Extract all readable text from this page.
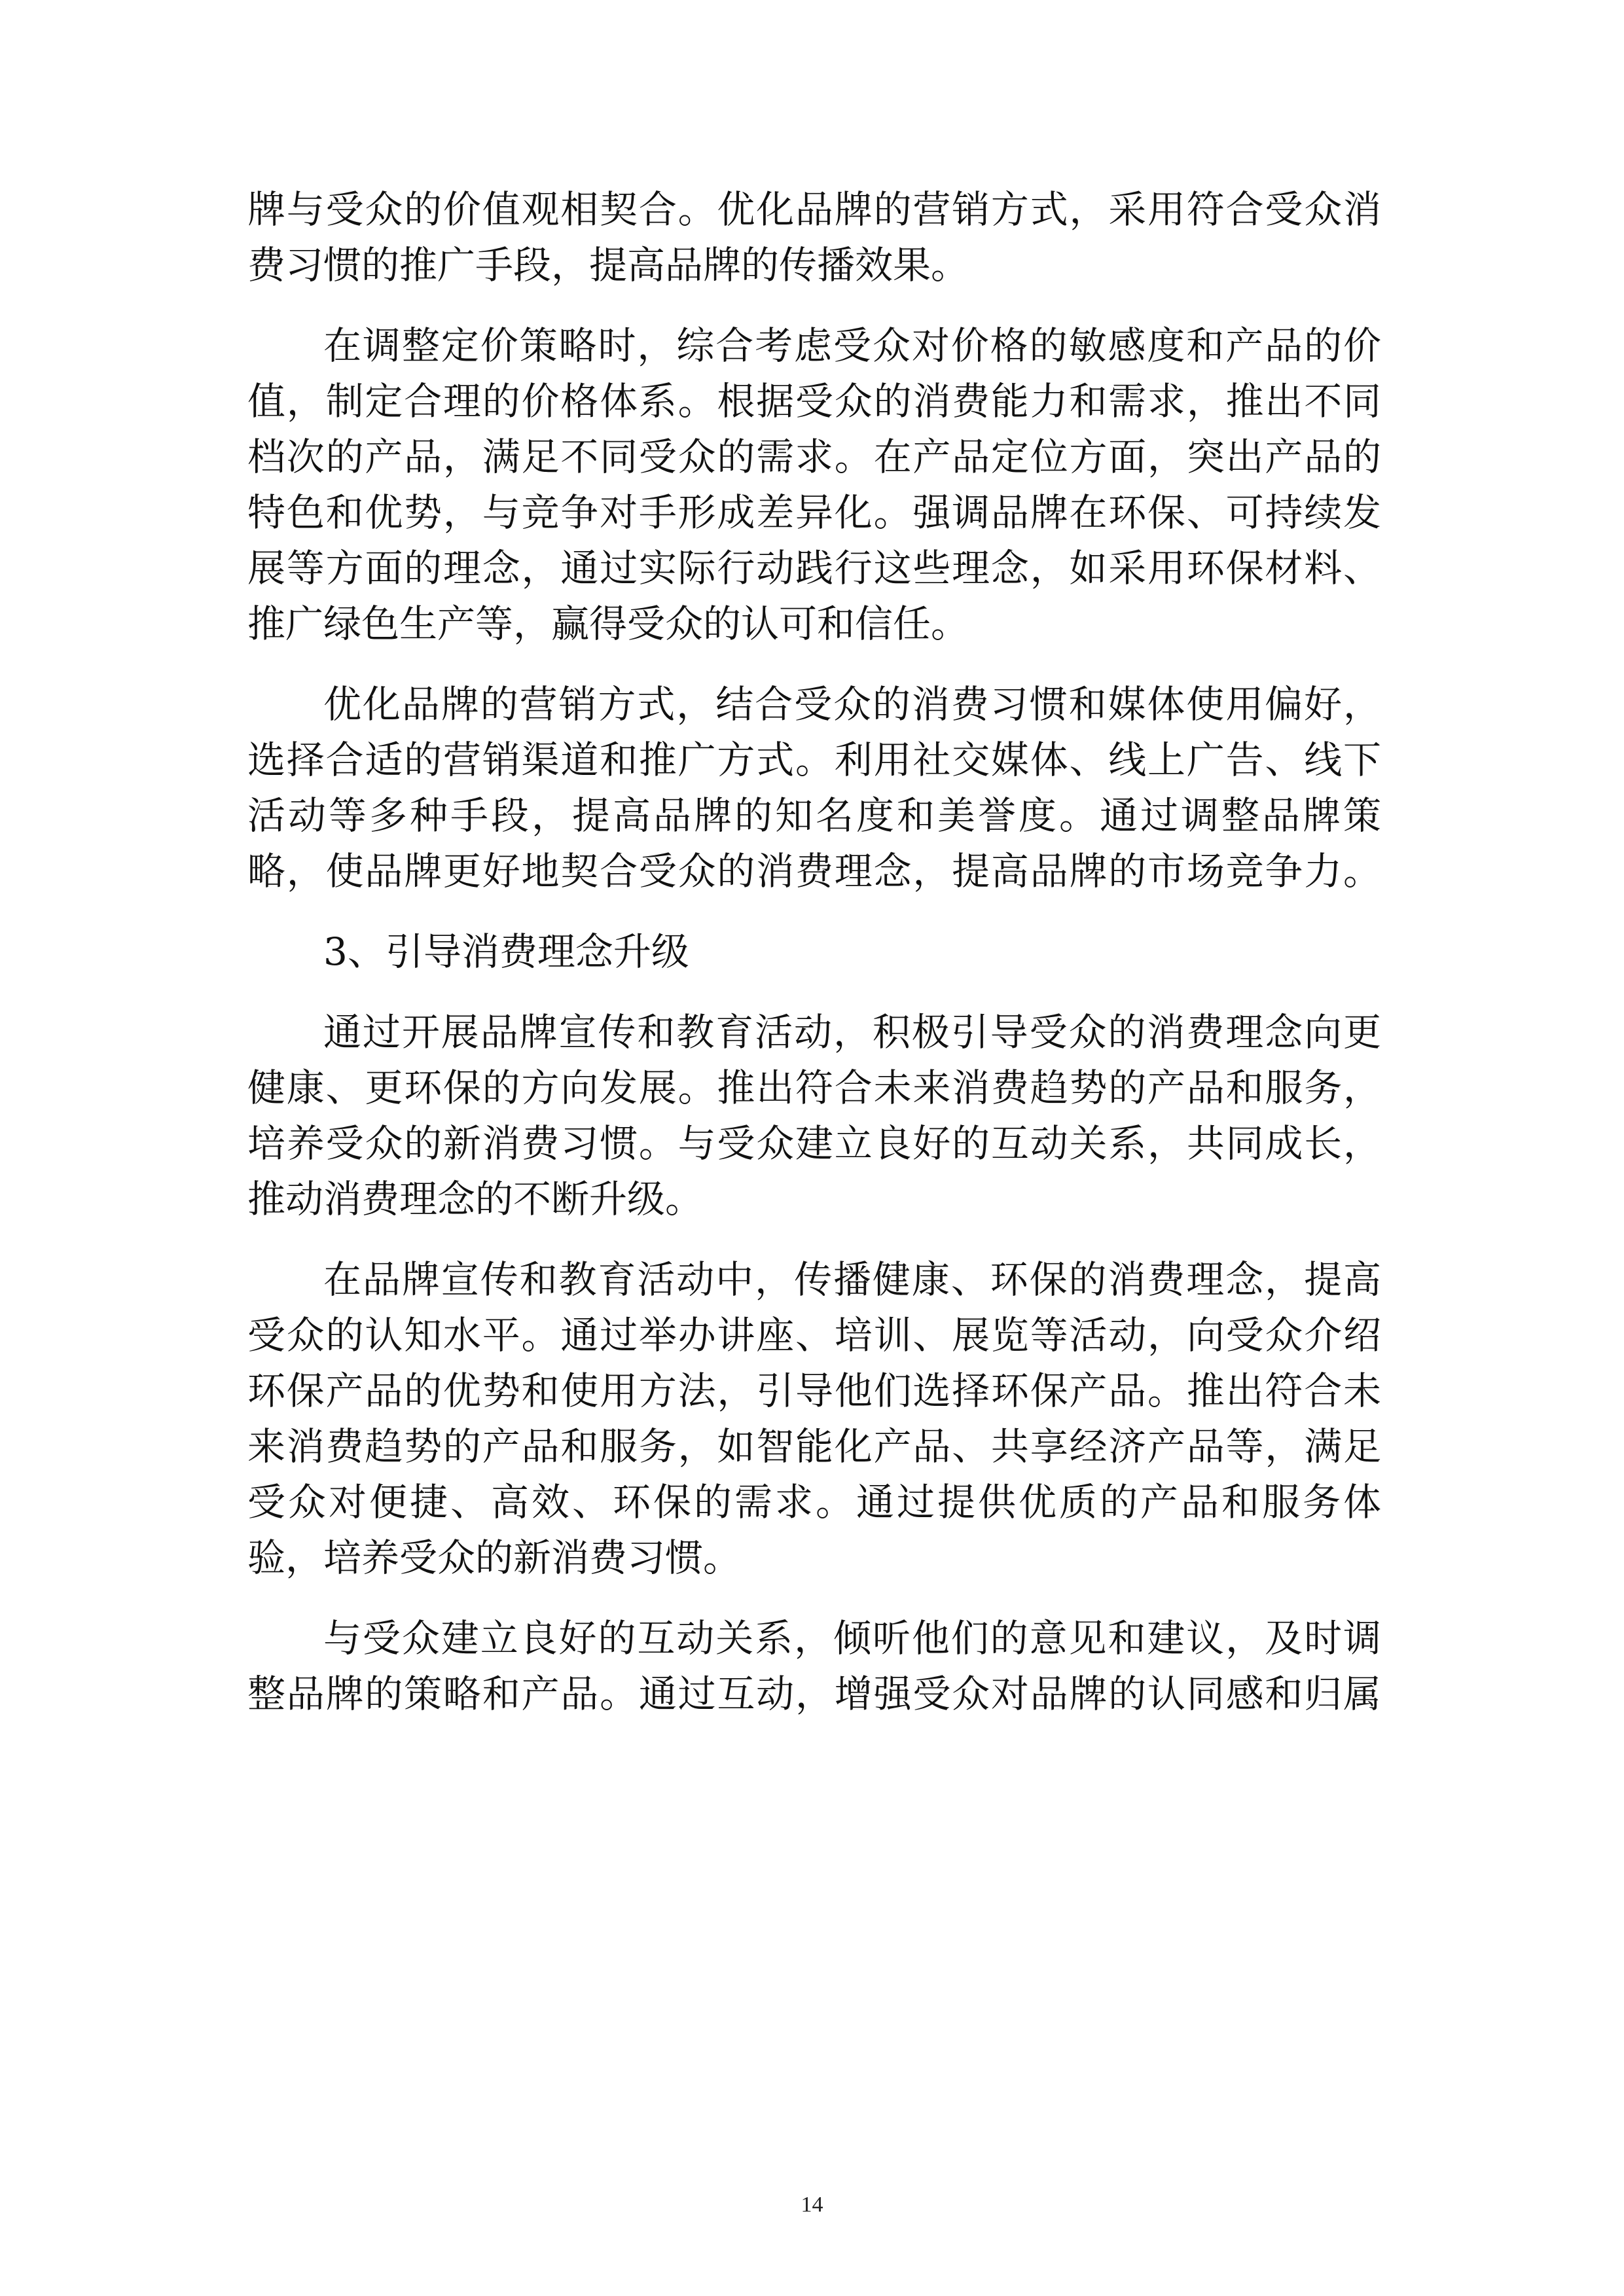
牌与受众的价值观相契合。优化品牌的营销方式，采用符合受众消
费习惯的推广手段，提高品牌的传播效果。
在调整定价策略时，综合考虑受众对价格的敏感度和产品的价
值，制定合理的价格体系。根据受众的消费能力和需求，推出不同
档次的产品，满足不同受众的需求。在产品定位方面，突出产品的
特色和优势，与竞争对手形成差异化。强调品牌在环保、可持续发
展等方面的理念，通过实际行动践行这些理念，如采用环保材料、
推广绿色生产等，赢得受众的认可和信任。
优化品牌的营销方式，结合受众的消费习惯和媒体使用偏好，
选择合适的营销渠道和推广方式。利用社交媒体、线上广告、线下
活动等多种手段，提高品牌的知名度和美誉度。通过调整品牌策
略，使品牌更好地契合受众的消费理念，提高品牌的市场竞争力。
3、引导消费理念升级
通过开展品牌宣传和教育活动，积极引导受众的消费理念向更
健康、更环保的方向发展。推出符合未来消费趋势的产品和服务，
培养受众的新消费习惯。与受众建立良好的互动关系，共同成长，
推动消费理念的不断升级。
在品牌宣传和教育活动中，传播健康、环保的消费理念，提高
受众的认知水平。通过举办讲座、培训、展览等活动，向受众介绍
环保产品的优势和使用方法，引导他们选择环保产品。推出符合未
来消费趋势的产品和服务，如智能化产品、共享经济产品等，满足
受众对便捷、高效、环保的需求。通过提供优质的产品和服务体
验，培养受众的新消费习惯。
与受众建立良好的互动关系，倾听他们的意见和建议，及时调
整品牌的策略和产品。通过互动，增强受众对品牌的认同感和归属
14
